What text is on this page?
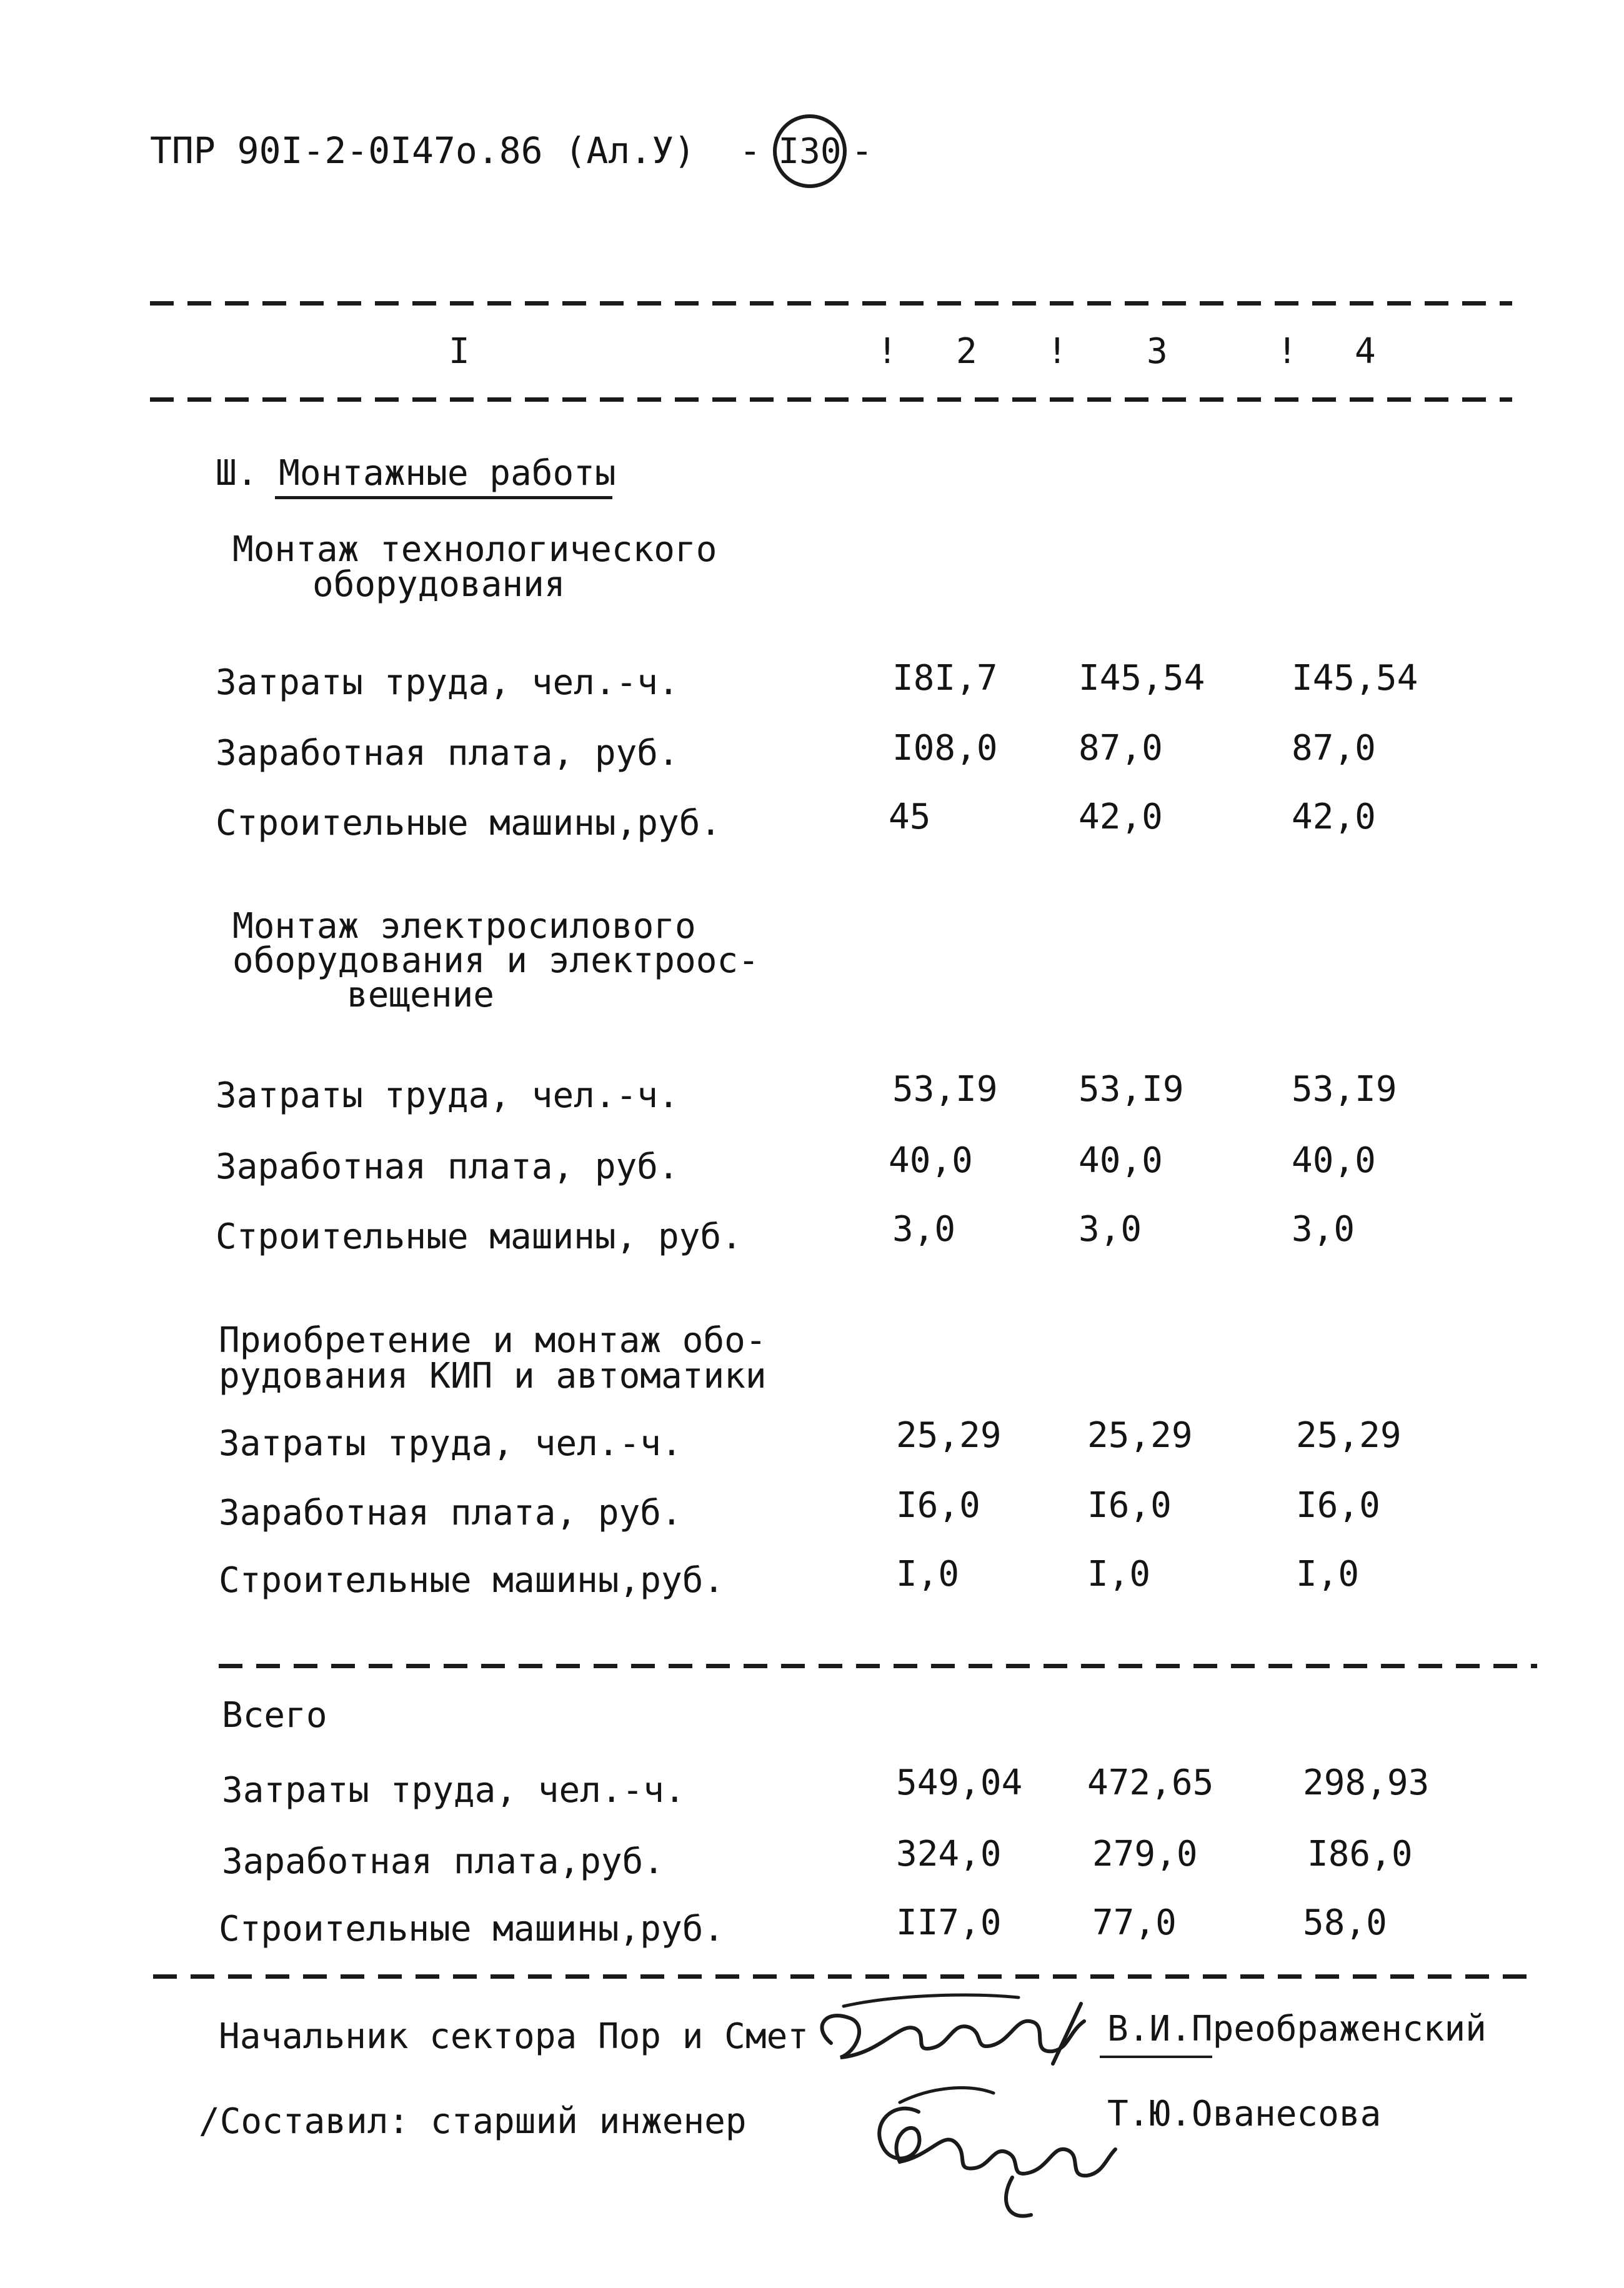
ТПР 90I-2-0I47о.86 (Ал.У) - I30 -
I	! 2 ! 3	! 4
Ш. Монтажные работы
Монтаж технологического
оборудования
Затраты труда, чел.-ч.	I8I,7 I45,54 I45,54
Заработная плата, руб.	I08,0 87,0	87,0
Строительные машины,руб.	45	42,0	42,0
Монтаж электросилового
оборудования и электроос-
вещение
Затраты труда, чел.-ч.	53,I9 53,I9	53,I9
Заработная плата, руб.	40,0	40,0	40,0
Строительные машины, руб.	3,0	3,0	3,0
Приобретение и монтаж обо-
рудования КИП и автоматики
Затраты труда, чел.-ч.	25,29 25,29	25,29
Заработная плата, руб.	I6,0	I6,0	I6,0
Строительные машины,руб.	I,0	I,0	I,0
Всего
Затраты труда, чел.-ч.	549,04 472,65	298,93
Заработная плата,руб.	324,0	279,0	I86,0
Строительные машины,руб.	II7,0	77,0	58,0
Начальник сектора Пор и Смет	В.И.Преображенский
/Составил: старший инженер	Т.Ю.Ованесова
